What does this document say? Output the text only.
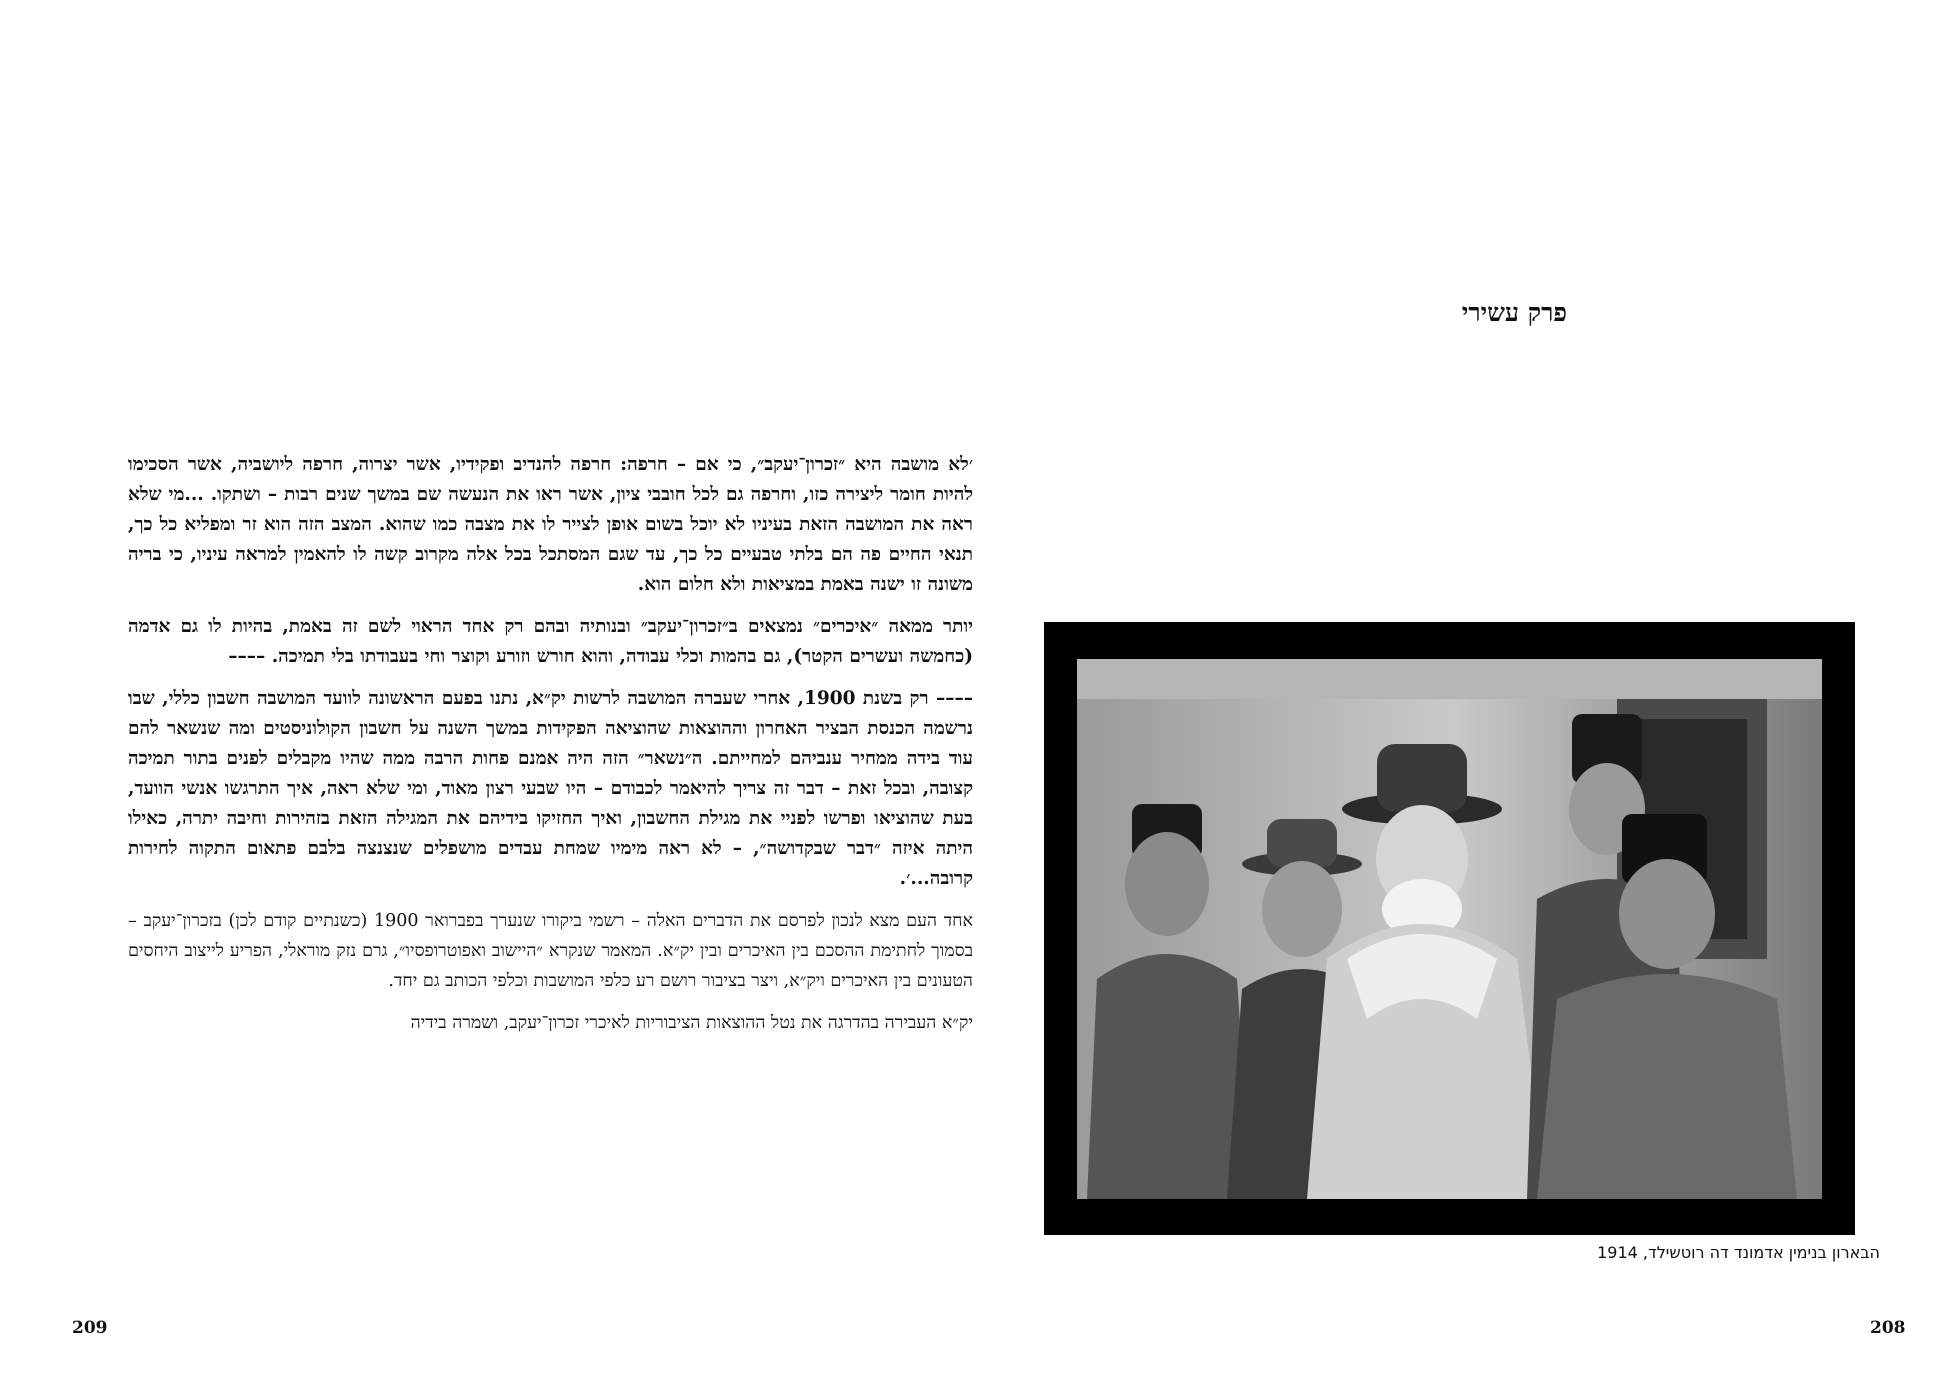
׳לא מושבה היא ״זכרון־יעקב״, כי אם – חרפה: חרפה להנדיב ופקידיו, אשר יצרוה, חרפה ליושביה, אשר הסכימו להיות חומר ליצירה כזו, וחרפה גם לכל חובבי ציון, אשר ראו את הנעשה שם במשך שנים רבות – ושתקו. ...מי שלא ראה את המושבה הזאת בעיניו לא יוכל בשום אופן לצייר לו את מצבה כמו שהוא. המצב הזה הוא זר ומפליא כל כך, תנאי החיים פה הם בלתי טבעיים כל כך, עד שגם המסתכל בכל אלה מקרוב קשה לו להאמין למראה עיניו, כי בריה משונה זו ישנה באמת במציאות ולא חלום הוא.

יותר ממאה ״איכרים״ נמצאים ב״זכרון־יעקב״ ובנותיה ובהם רק אחד הראוי לשם זה באמת, בהיות לו גם אדמה (כחמשה ועשרים הקטר), גם בהמות וכלי עבודה, והוא חורש וזורע וקוצר וחי בעבודתו בלי תמיכה. ––––

–––– רק בשנת 1900, אחרי שעברה המושבה לרשות יק״א, נתנו בפעם הראשונה לוועד המושבה חשבון כללי, שבו נרשמה הכנסת הבציר האחרון וההוצאות שהוציאה הפקידות במשך השנה על חשבון הקולוניסטים ומה שנשאר להם עוד בידה ממחיר ענביהם למחייתם. ה״נשאר״ הזה היה אמנם פחות הרבה ממה שהיו מקבלים לפנים בתור תמיכה קצובה, ובכל זאת – דבר זה צריך להיאמר לכבודם – היו שבעי רצון מאוד, ומי שלא ראה, איך התרגשו אנשי הוועד, בעת שהוציאו ופרשו לפניי את מגילת החשבון, ואיך החזיקו בידיהם את המגילה הזאת בזהירות וחיבה יתרה, כאילו היתה איזה ״דבר שבקדושה״, – לא ראה מימיו שמחת עבדים מושפלים שנצנצה בלבם פתאום התקוה לחירות קרובה...׳.

אחד העם מצא לנכון לפרסם את הדברים האלה – רשמי ביקורו שנערך בפברואר 1900 (כשנתיים קודם לכן) בזכרון־יעקב – בסמוך לחתימת ההסכם בין האיכרים ובין יק״א. המאמר שנקרא ״היישוב ואפוטרופסיו״, גרם נזק מוראלי, הפריע לייצוב היחסים הטעונים בין האיכרים ויק״א, ויצר בציבור רושם רע כלפי המושבות וכלפי הכותב גם יחד.

יק״א העבירה בהדרגה את נטל ההוצאות הציבוריות לאיכרי זכרון־יעקב, ושמרה בידיה

209
פרק עשירי
הבארון בנימין אדמונד דה רוטשילד, 1914
208
